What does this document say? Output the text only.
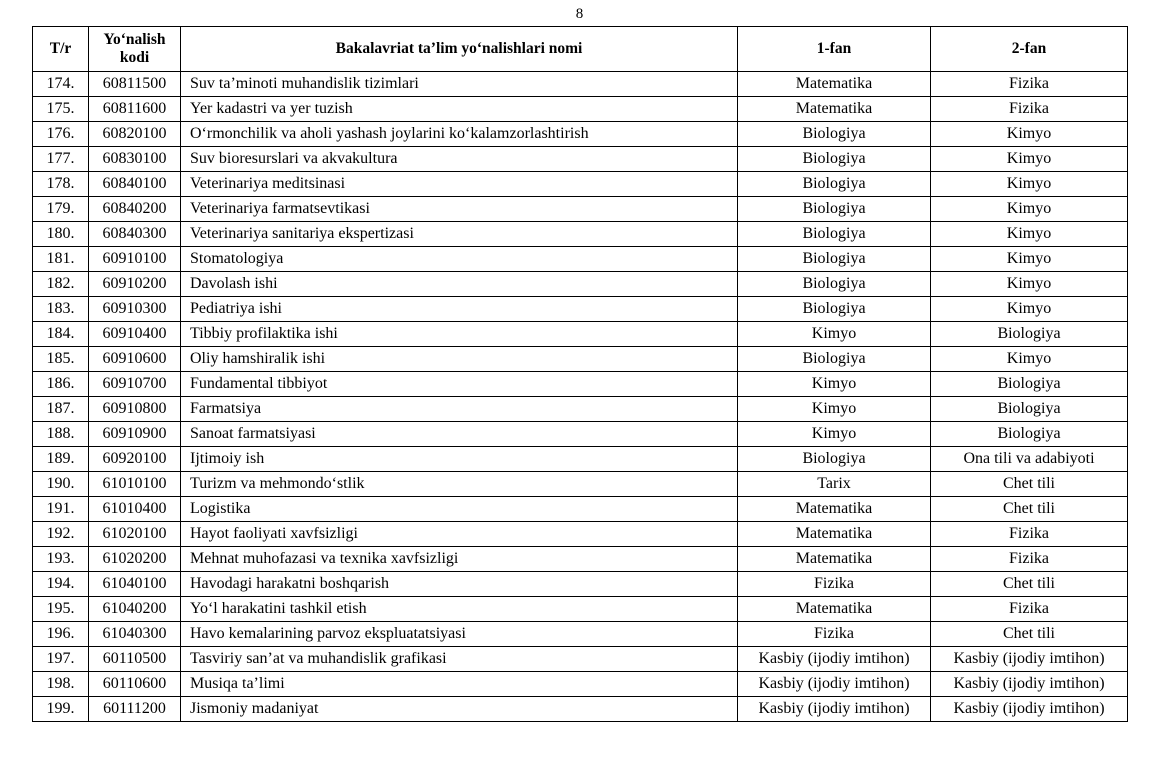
8
T/r	Yo‘nalish kodi	Bakalavriat ta’lim yo‘nalishlari nomi	1-fan	2-fan
174.	60811500	Suv ta’minoti muhandislik tizimlari	Matematika	Fizika
175.	60811600	Yer kadastri va yer tuzish	Matematika	Fizika
176.	60820100	O‘rmonchilik va aholi yashash joylarini ko‘kalamzorlashtirish	Biologiya	Kimyo
177.	60830100	Suv bioresurslari va akvakultura	Biologiya	Kimyo
178.	60840100	Veterinariya meditsinasi	Biologiya	Kimyo
179.	60840200	Veterinariya farmatsevtikasi	Biologiya	Kimyo
180.	60840300	Veterinariya sanitariya ekspertizasi	Biologiya	Kimyo
181.	60910100	Stomatologiya	Biologiya	Kimyo
182.	60910200	Davolash ishi	Biologiya	Kimyo
183.	60910300	Pediatriya ishi	Biologiya	Kimyo
184.	60910400	Tibbiy profilaktika ishi	Kimyo	Biologiya
185.	60910600	Oliy hamshiralik ishi	Biologiya	Kimyo
186.	60910700	Fundamental tibbiyot	Kimyo	Biologiya
187.	60910800	Farmatsiya	Kimyo	Biologiya
188.	60910900	Sanoat farmatsiyasi	Kimyo	Biologiya
189.	60920100	Ijtimoiy ish	Biologiya	Ona tili va adabiyoti
190.	61010100	Turizm va mehmondo‘stlik	Tarix	Chet tili
191.	61010400	Logistika	Matematika	Chet tili
192.	61020100	Hayot faoliyati xavfsizligi	Matematika	Fizika
193.	61020200	Mehnat muhofazasi va texnika xavfsizligi	Matematika	Fizika
194.	61040100	Havodagi harakatni boshqarish	Fizika	Chet tili
195.	61040200	Yo‘l harakatini tashkil etish	Matematika	Fizika
196.	61040300	Havo kemalarining parvoz ekspluatatsiyasi	Fizika	Chet tili
197.	60110500	Tasviriy san’at va muhandislik grafikasi	Kasbiy (ijodiy imtihon)	Kasbiy (ijodiy imtihon)
198.	60110600	Musiqa ta’limi	Kasbiy (ijodiy imtihon)	Kasbiy (ijodiy imtihon)
199.	60111200	Jismoniy madaniyat	Kasbiy (ijodiy imtihon)	Kasbiy (ijodiy imtihon)
